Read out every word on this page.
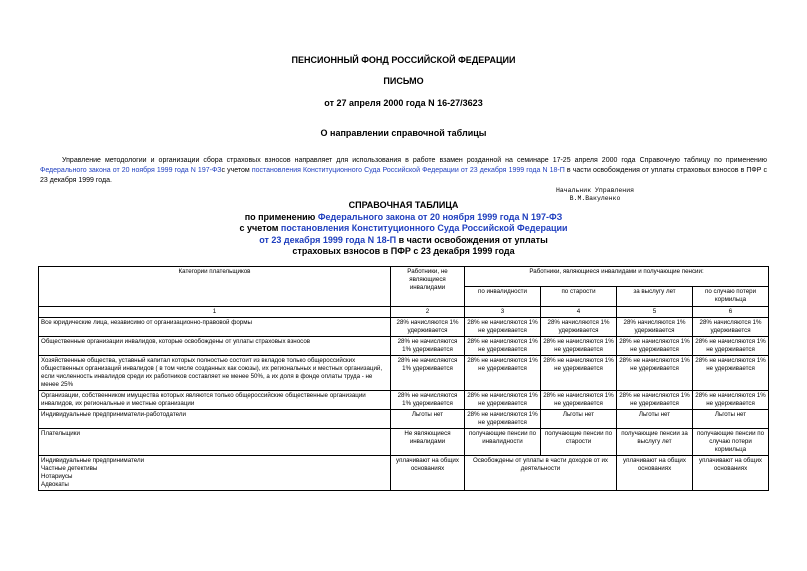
ПЕНСИОННЫЙ ФОНД РОССИЙСКОЙ ФЕДЕРАЦИИ
ПИСЬМО
от 27 апреля 2000 года N 16-27/3623
О направлении справочной таблицы
Управление методологии и организации сбора страховых взносов направляет для использования в работе взамен розданной на семинаре 17-25 апреля 2000 года Справочную таблицу по применению Федерального закона от 20 ноября 1999 года N 197-ФЗс учетом постановления Конституционного Суда Российской Федерации от 23 декабря 1999 года N 18-П в части освобождения от уплаты страховых взносов в ПФР с 23 декабря 1999 года.
Начальник Управления
В.М.Вакуленко
СПРАВОЧНАЯ ТАБЛИЦА
по применению Федерального закона от 20 ноября 1999 года N 197-ФЗ
с учетом постановления Конституционного Суда Российской Федерации
от 23 декабря 1999 года N 18-П в части освобождения от уплаты
страховых взносов в ПФР с 23 декабря 1999 года
Категории плательщиков	Работники, не являющиеся инвалидами	Работники, являющиеся инвалидами и получающие пенсии:			
		по инвалидности	по старости	за выслугу лет	по случаю потери кормильца
1	2	3	4	5	6
Все юридические лица, независимо от организационно-правовой формы	28% начисляются 1% удерживается	28% не начисляются 1% не удерживается	28% начисляются 1% удерживается	28% начисляются 1% удерживается	28% начисляются 1% удерживается
Общественные организации инвалидов, которые освобождены от уплаты страховых взносов	28% не начисляются 1% удерживается	28% не начисляются 1% не удерживается	28% не начисляются 1% не удерживается	28% не начисляются 1% не удерживается	28% не начисляются 1% не удерживается
Хозяйственные общества, уставный капитал которых полностью состоит из вкладов только общероссийских общественных организаций инвалидов ( в том числе созданных как союзы), их региональных и местных организаций, если численность инвалидов среди их работников составляет не менее 50%, а их доля в фонде оплаты труда - не менее 25%	28% не начисляются 1% удерживается	28% не начисляются 1% не удерживается	28% не начисляются 1% не удерживается	28% не начисляются 1% не удерживается	28% не начисляются 1% не удерживается
Организации, собственником имущества которых являются только общероссийские общественные организации инвалидов, их региональные и местные организации	28% не начисляются 1% удерживается	28% не начисляются 1% не удерживается	28% не начисляются 1% не удерживается	28% не начисляются 1% не удерживается	28% не начисляются 1% не удерживается
Индивидуальные предприниматели-работодатели	Льготы нет	28% не начисляются 1% не удерживается	Льготы нет	Льготы нет	Льготы нет
Плательщики	Не являющиеся инвалидами	получающие пенсии по инвалидности	получающие пенсии по старости	получающие пенсии за выслугу лет	получающие пенсии по случаю потери кормильца

Индивидуальные предприниматели
Частные детективы
Нотариусы
Адвокаты	уплачивают на общих основаниях	Освобождены от уплаты в части доходов от их деятельности		уплачивают на общих основаниях	уплачивают на общих основаниях
